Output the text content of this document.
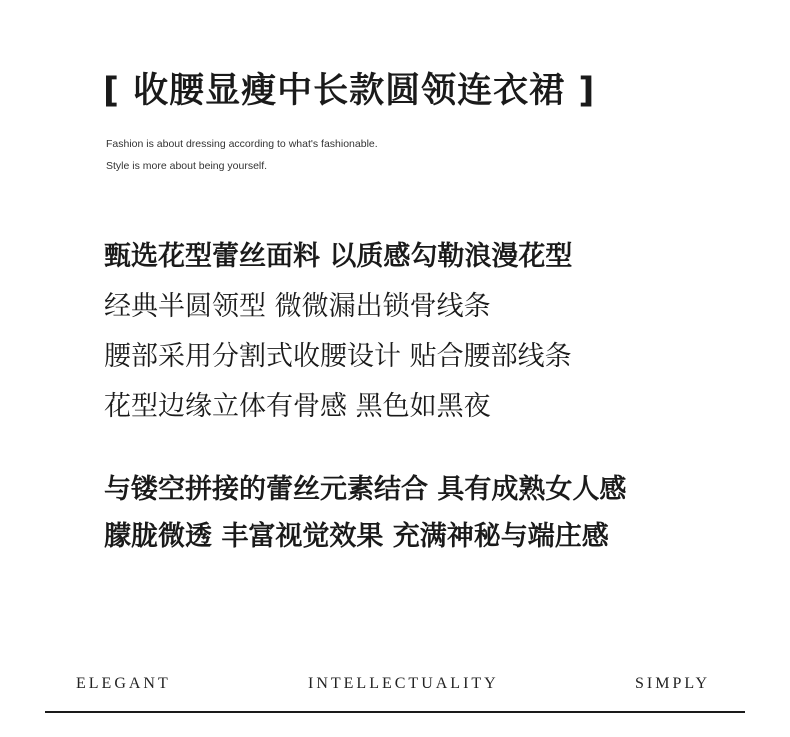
[ 收腰显瘦中长款圆领连衣裙 ]
Fashion is about dressing according to what's fashionable.
Style is more about being yourself.
甄选花型蕾丝面料 以质感勾勒浪漫花型
经典半圆领型 微微漏出锁骨线条
腰部采用分割式收腰设计 贴合腰部线条
花型边缘立体有骨感 黑色如黑夜
与镂空拼接的蕾丝元素结合 具有成熟女人感
朦胧微透 丰富视觉效果 充满神秘与端庄感
ELEGANT	INTELLECTUALITY	SIMPLY
